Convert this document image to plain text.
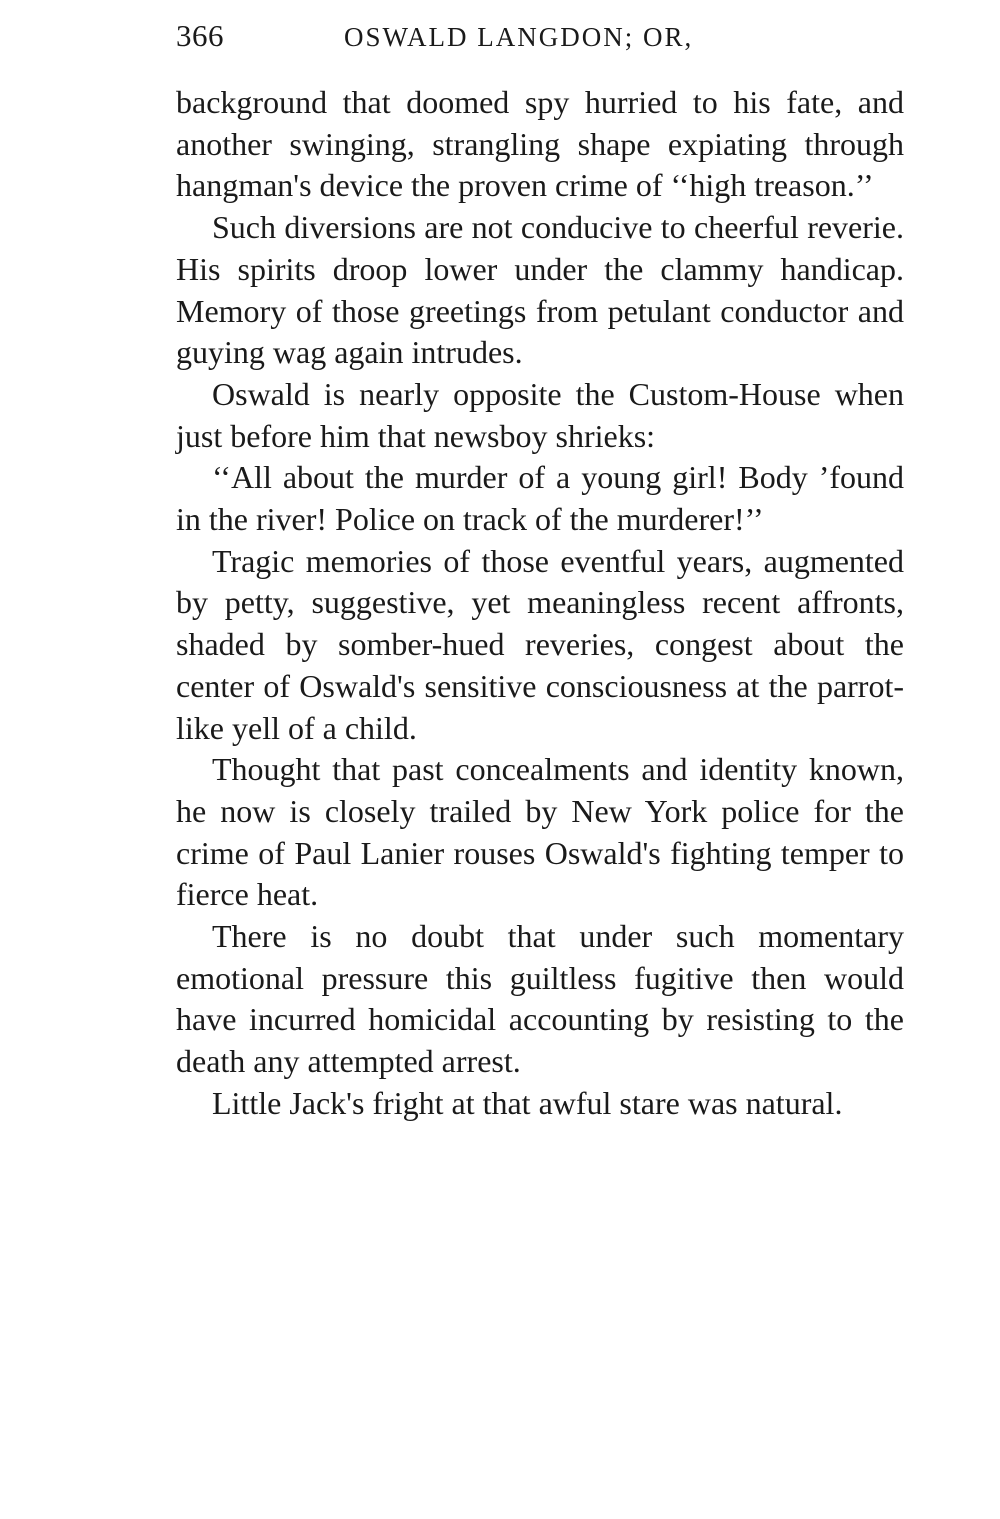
366	OSWALD LANGDON; OR,

background that doomed spy hurried to his fate, and another swinging, strangling shape expiating through hangman's device the proven crime of ‘‘high treason.’’

Such diversions are not conducive to cheerful reverie. His spirits droop lower under the clammy handicap. Memory of those greetings from petulant conductor and guying wag again intrudes.

Oswald is nearly opposite the Custom-House when just before him that newsboy shrieks:

‘‘All about the murder of a young girl! Body ’found in the river! Police on track of the murderer!’’

Tragic memories of those eventful years, augmented by petty, suggestive, yet meaningless recent affronts, shaded by somber-hued reveries, congest about the center of Oswald's sensitive consciousness at the parrot-like yell of a child.

Thought that past concealments and identity known, he now is closely trailed by New York police for the crime of Paul Lanier rouses Oswald's fighting temper to fierce heat.

There is no doubt that under such momentary emotional pressure this guiltless fugitive then would have incurred homicidal accounting by resisting to the death any attempted arrest.

Little Jack's fright at that awful stare was natural.
